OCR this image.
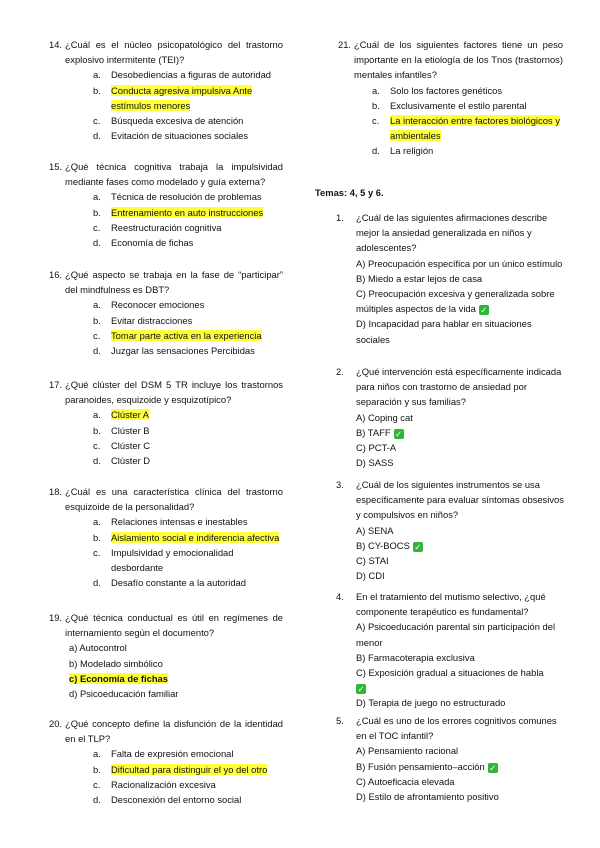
14. ¿Cuál es el núcleo psicopatológico del trastorno explosivo intermitente (TEI)?
a.	Desobediencias a figuras de autoridad
b.	Conducta agresiva impulsiva Ante estímulos menores
c.	Búsqueda excesiva de atención
d.	Evitación de situaciones sociales
15. ¿Qué técnica cognitiva trabaja la impulsividad mediante fases como modelado y guía externa?
a.	Técnica de resolución de problemas
b.	Entrenamiento en auto instrucciones
c.	Reestructuración cognitiva
d.	Economía de fichas
16. ¿Qué aspecto se trabaja en la fase de “participar” del mindfulness es DBT?
a.	Reconocer emociones
b.	Evitar distracciones
c.	Tomar parte activa en la experiencia
d.	Juzgar las sensaciones Percibidas
17. ¿Qué clúster del DSM 5 TR incluye los trastornos paranoides, esquizoide y esquizotípico?
a.	Clúster A
b.	Clúster B
c.	Clúster C
d.	Clúster D
18. ¿Cuál es una característica clínica del trastorno esquizoide de la personalidad?
a.	Relaciones intensas e inestables
b.	Aislamiento social e indiferencia afectiva
c.	Impulsividad y emocionalidad desbordante
d.	Desafío constante a la autoridad
19. ¿Qué técnica conductual es útil en regímenes de internamiento según el documento?
a) Autocontrol
b) Modelado simbólico
c) Economía de fichas
d) Psicoeducación familiar
20. ¿Qué concepto define la disfunción de la identidad en el TLP?
a.	Falta de expresión emocional
b.	Dificultad para distinguir el yo del otro
c.	Racionalización excesiva
d.	Desconexión del entorno social
21. ¿Cuál de los siguientes factores tiene un peso importante en la etiología de los Tnos (trastornos) mentales infantiles?
a.	Solo los factores genéticos
b.	Exclusivamente el estilo parental
c.	La interacción entre factores biológicos y ambientales
d.	La religión
Temas: 4, 5 y 6.
1.	¿Cuál de las siguientes afirmaciones describe mejor la ansiedad generalizada en niños y adolescentes?
A) Preocupación específica por un único estímulo
B) Miedo a estar lejos de casa
C) Preocupación excesiva y generalizada sobre múltiples aspectos de la vida ✓
D) Incapacidad para hablar en situaciones sociales
2.	¿Qué intervención está específicamente indicada para niños con trastorno de ansiedad por separación y sus familias?
A) Coping cat
B) TAFF ✓
C) PCT-A
D) SASS
3.	¿Cuál de los siguientes instrumentos se usa específicamente para evaluar síntomas obsesivos y compulsivos en niños?
A) SENA
B) CY-BOCS ✓
C) STAI
D) CDI
4.	En el tratamiento del mutismo selectivo, ¿qué componente terapéutico es fundamental?
A) Psicoeducación parental sin participación del menor
B) Farmacoterapia exclusiva
C) Exposición gradual a situaciones de habla
✓
D) Terapia de juego no estructurado
5.	¿Cuál es uno de los errores cognitivos comunes en el TOC infantil?
A) Pensamiento racional
B) Fusión pensamiento–acción ✓
C) Autoeficacia elevada
D) Estilo de afrontamiento positivo
